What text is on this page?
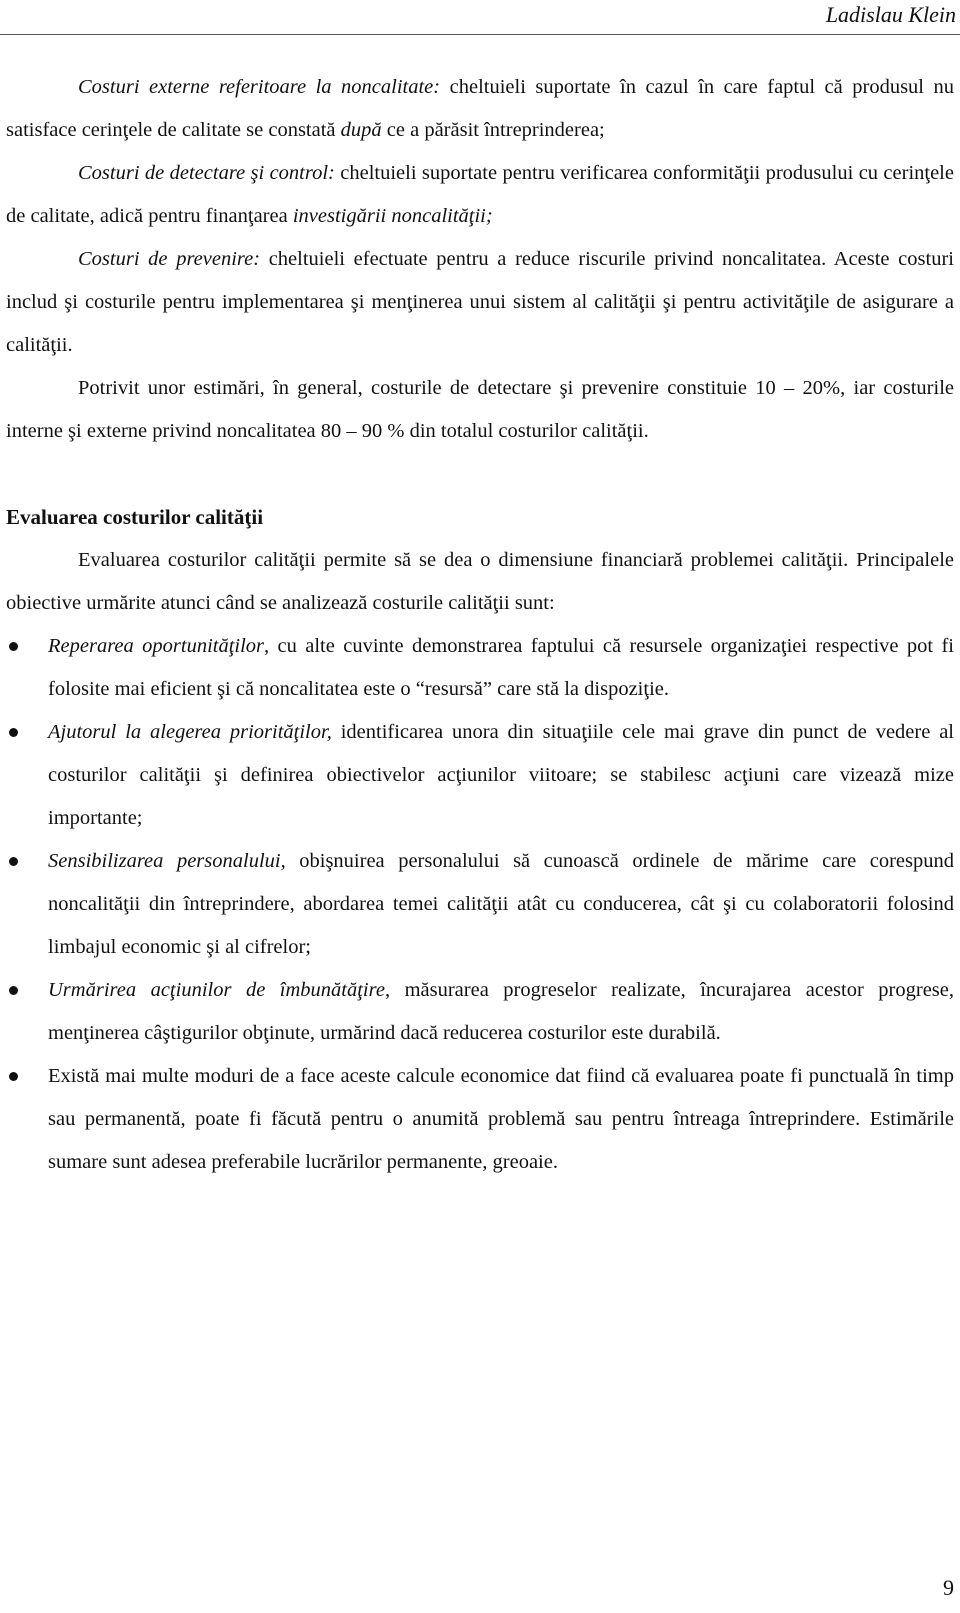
Ladislau Klein

Costuri externe referitoare la noncalitate: cheltuieli suportate în cazul în care faptul că produsul nu satisface cerinţele de calitate se constată după ce a părăsit întreprinderea;

Costuri de detectare şi control: cheltuieli suportate pentru verificarea conformităţii produsului cu cerinţele de calitate, adică pentru finanţarea investigării noncalităţii;

Costuri de prevenire: cheltuieli efectuate pentru a reduce riscurile privind noncalitatea. Aceste costuri includ şi costurile pentru implementarea şi menţinerea unui sistem al calităţii şi pentru activităţile de asigurare a calităţii.

Potrivit unor estimări, în general, costurile de detectare şi prevenire constituie 10 – 20%, iar costurile interne şi externe privind noncalitatea 80 – 90 % din totalul costurilor calităţii.

Evaluarea costurilor calităţii

Evaluarea costurilor calităţii permite să se dea o dimensiune financiară problemei calităţii. Principalele obiective urmărite atunci când se analizează costurile calităţii sunt:

Reperarea oportunităţilor, cu alte cuvinte demonstrarea faptului că resursele organizaţiei respective pot fi folosite mai eficient şi că noncalitatea este o “resursă” care stă la dispoziţie.
Ajutorul la alegerea priorităţilor, identificarea unora din situaţiile cele mai grave din punct de vedere al costurilor calităţii şi definirea obiectivelor acţiunilor viitoare; se stabilesc acţiuni care vizează mize importante;
Sensibilizarea personalului, obişnuirea personalului să cunoască ordinele de mărime care corespund noncalităţii din întreprindere, abordarea temei calităţii atât cu conducerea, cât şi cu colaboratorii folosind limbajul economic şi al cifrelor;
Urmărirea acţiunilor de îmbunătăţire, măsurarea progreselor realizate, încurajarea acestor progrese, menţinerea câştigurilor obţinute, urmărind dacă reducerea costurilor este durabilă.
Există mai multe moduri de a face aceste calcule economice dat fiind că evaluarea poate fi punctuală în timp sau permanentă, poate fi făcută pentru o anumită problemă sau pentru întreaga întreprindere. Estimările sumare sunt adesea preferabile lucrărilor permanente, greoaie.
9
